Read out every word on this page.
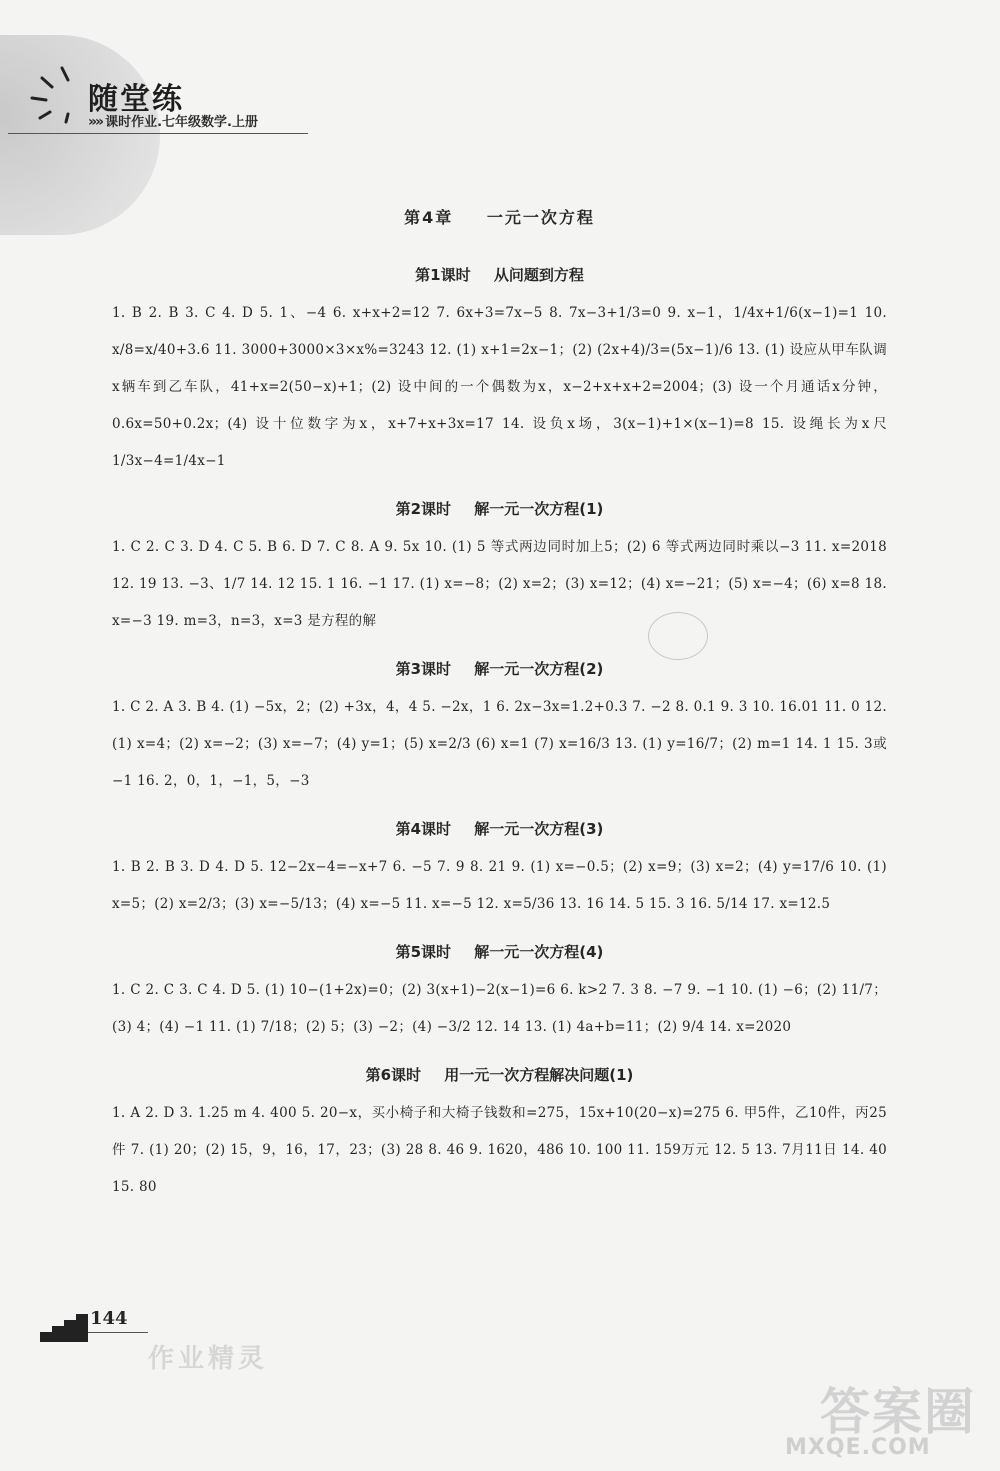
随堂练
»» 课时作业.七年级数学.上册
第4章 一元一次方程
第1课时 从问题到方程
1. B 2. B 3. C 4. D 5. 1、−4 6. x+x+2=12 7. 6x+3=7x−5 8. 7x−3+1/3=0 9. x−1，1/4x+1/6(x−1)=1 10. x/8=x/40+3.6 11. 3000+3000×3×x%=3243 12. (1) x+1=2x−1；(2) (2x+4)/3=(5x−1)/6 13. (1) 设应从甲车队调x辆车到乙车队，41+x=2(50−x)+1；(2) 设中间的一个偶数为x，x−2+x+x+2=2004；(3) 设一个月通话x分钟，0.6x=50+0.2x；(4) 设十位数字为x，x+7+x+3x=17 14. 设负x场，3(x−1)+1×(x−1)=8 15. 设绳长为x尺 1/3x−4=1/4x−1
第2课时 解一元一次方程(1)
1. C 2. C 3. D 4. C 5. B 6. D 7. C 8. A 9. 5x 10. (1) 5 等式两边同时加上5；(2) 6 等式两边同时乘以−3 11. x=2018 12. 19 13. −3、1/7 14. 12 15. 1 16. −1 17. (1) x=−8；(2) x=2；(3) x=12；(4) x=−21；(5) x=−4；(6) x=8 18. x=−3 19. m=3，n=3，x=3 是方程的解
第3课时 解一元一次方程(2)
1. C 2. A 3. B 4. (1) −5x，2；(2) +3x，4，4 5. −2x，1 6. 2x−3x=1.2+0.3 7. −2 8. 0.1 9. 3 10. 16.01 11. 0 12. (1) x=4；(2) x=−2；(3) x=−7；(4) y=1；(5) x=2/3 (6) x=1 (7) x=16/3 13. (1) y=16/7；(2) m=1 14. 1 15. 3或−1 16. 2，0，1，−1，5，−3
第4课时 解一元一次方程(3)
1. B 2. B 3. D 4. D 5. 12−2x−4=−x+7 6. −5 7. 9 8. 21 9. (1) x=−0.5；(2) x=9；(3) x=2；(4) y=17/6 10. (1) x=5；(2) x=2/3；(3) x=−5/13；(4) x=−5 11. x=−5 12. x=5/36 13. 16 14. 5 15. 3 16. 5/14 17. x=12.5
第5课时 解一元一次方程(4)
1. C 2. C 3. C 4. D 5. (1) 10−(1+2x)=0；(2) 3(x+1)−2(x−1)=6 6. k>2 7. 3 8. −7 9. −1 10. (1) −6；(2) 11/7；(3) 4；(4) −1 11. (1) 7/18；(2) 5；(3) −2；(4) −3/2 12. 14 13. (1) 4a+b=11；(2) 9/4 14. x=2020
第6课时 用一元一次方程解决问题(1)
1. A 2. D 3. 1.25 m 4. 400 5. 20−x，买小椅子和大椅子钱数和=275，15x+10(20−x)=275 6. 甲5件，乙10件，丙25件 7. (1) 20；(2) 15，9，16，17，23；(3) 28 8. 46 9. 1620，486 10. 100 11. 159万元 12. 5 13. 7月11日 14. 40 15. 80
144
作业精灵
答案圈
MXQE.COM
